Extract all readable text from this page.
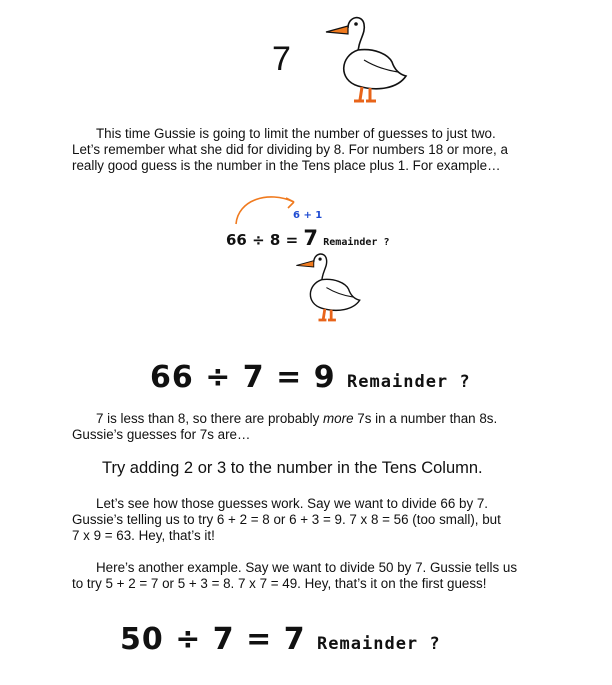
7
This time Gussie is going to limit the number of guesses to just two.
Let’s remember what she did for dividing by 8. For numbers 18 or more, a
really good guess is the number in the Tens place plus 1. For example…
6 + 1
66 ÷ 8 = 7 Remainder ?
66 ÷ 7 = 9 Remainder ?
7 is less than 8, so there are probably more 7s in a number than 8s.
Gussie’s guesses for 7s are…
Try adding 2 or 3 to the number in the Tens Column.
Let’s see how those guesses work. Say we want to divide 66 by 7.
Gussie’s telling us to try 6 + 2 = 8 or 6 + 3 = 9. 7 x 8 = 56 (too small), but
7 x 9 = 63. Hey, that’s it!
Here’s another example. Say we want to divide 50 by 7. Gussie tells us
to try 5 + 2 = 7 or 5 + 3 = 8. 7 x 7 = 49. Hey, that’s it on the first guess!
50 ÷ 7 = 7 Remainder ?
